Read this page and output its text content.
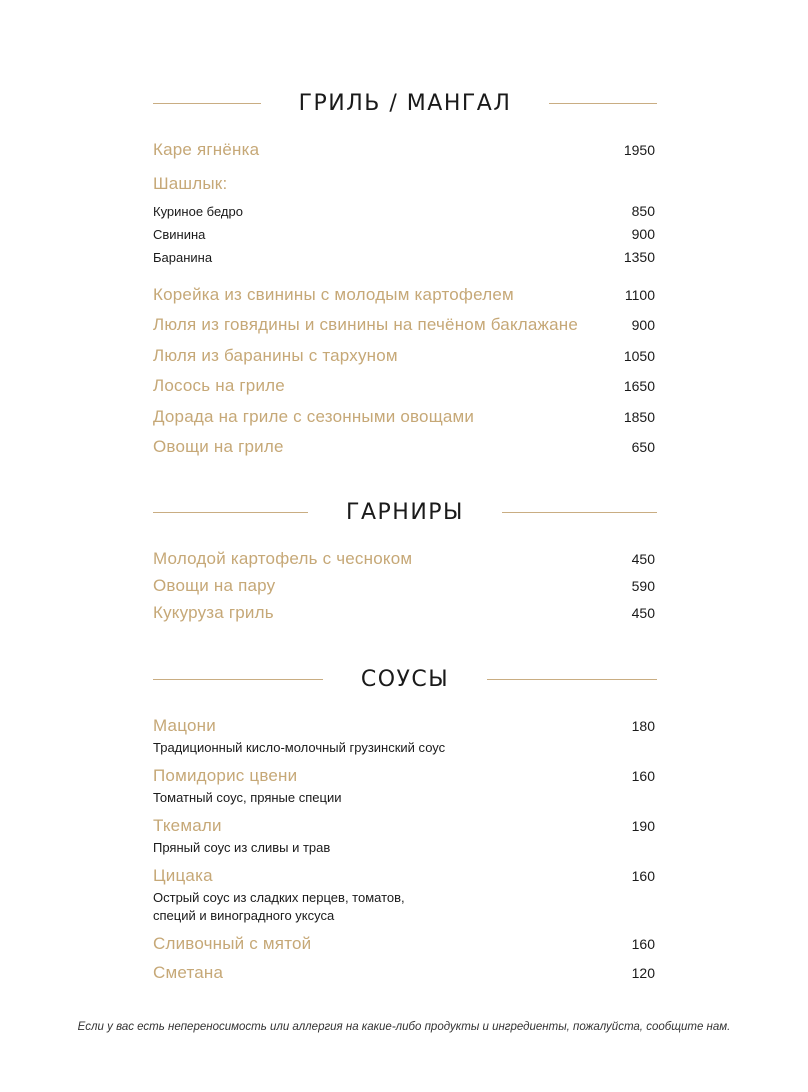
ГРИЛЬ / МАНГАЛ
Каре ягнёнка	1950
Шашлык:
Куриное бедро	850
Свинина	900
Баранина	1350
Корейка из свинины с молодым картофелем	1100
Люля из говядины и свинины на печёном баклажане	900
Люля из баранины с тархуном	1050
Лосось на гриле	1650
Дорада на гриле с сезонными овощами	1850
Овощи на гриле	650
ГАРНИРЫ
Молодой картофель с чесноком	450
Овощи на пару	590
Кукуруза гриль	450
СОУСЫ
Мацони	180
Традиционный кисло-молочный грузинский соус
Помидорис цвени	160
Томатный соус, пряные специи
Ткемали	190
Пряный соус из сливы и трав
Цицака	160
Острый соус из сладких перцев, томатов,
специй и виноградного уксуса
Сливочный с мятой	160
Сметана	120
Если у вас есть непереносимость или аллергия на какие-либо продукты и ингредиенты, пожалуйста, сообщите нам.
